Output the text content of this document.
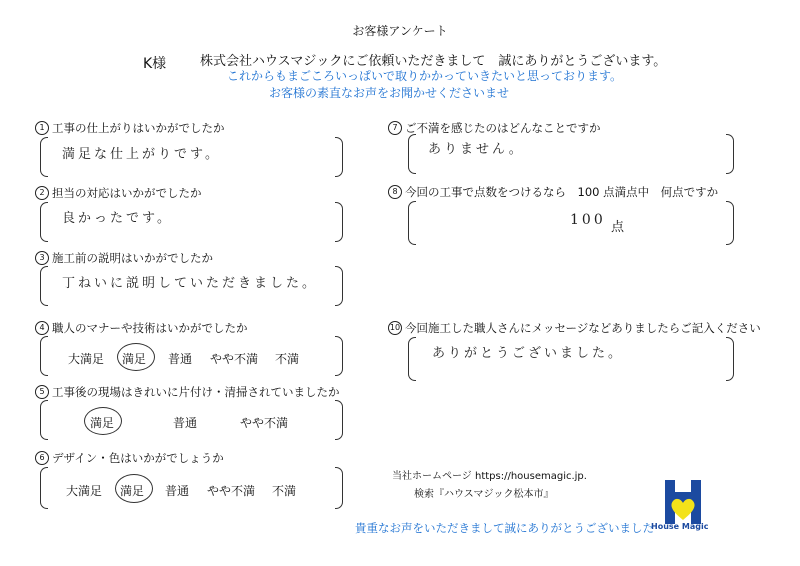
お客様アンケート
K様	株式会社ハウスマジックにご依頼いただきまして　誠にありがとうございます。
これからもまごころいっぱいで取りかかっていきたいと思っております。
お客様の素直なお声をお聞かせくださいませ
1 工事の仕上がりはいかがでしたか
満足な仕上がりです。
2 担当の対応はいかがでしたか
良かったです。
3 施工前の説明はいかがでしたか
丁ねいに説明していただきました。
4 職人のマナーや技術はいかがでしたか
大満足 満足 普通 やや不満 不満
5 工事後の現場はきれいに片付け・清掃されていましたか
満足	普通	やや不満
6 デザイン・色はいかがでしょうか
大満足 満足 普通 やや不満 不満
7 ご不満を感じたのはどんなことですか
ありません。
8 今回の工事で点数をつけるなら　100 点満点中　何点ですか
100 点
10 今回施工した職人さんにメッセージなどありましたらご記入ください
ありがとうございました。
当社ホームページ https://housemagic.jp.
検索『ハウスマジック松本市』
貴重なお声をいただきまして誠にありがとうございました
House Magic
